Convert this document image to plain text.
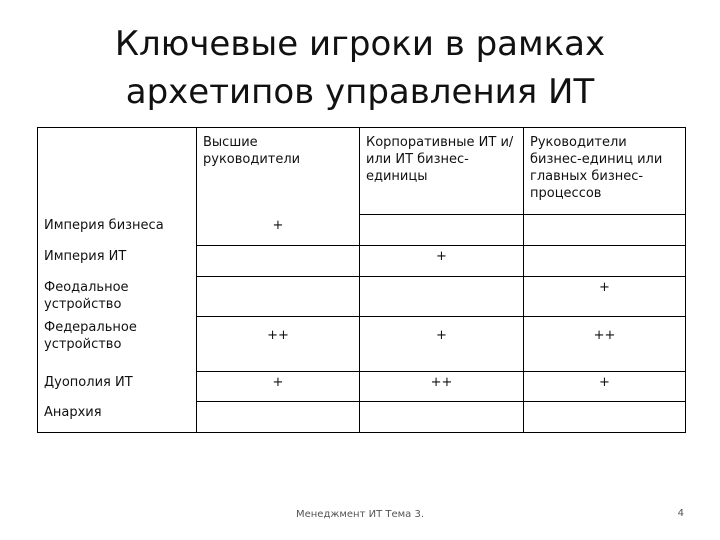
Ключевые игроки в рамках
архетипов управления ИТ
	Высшие руководители	Корпоративные ИТ и/или ИТ бизнес-единицы	Руководители бизнес-единиц или главных бизнес-процессов
Империя бизнеса	+		
Империя ИТ		+	
Феодальное устройство			+
Федеральное устройство	++	+	++
Дуополия ИТ	+	++	+
Анархия			
Менеджмент ИТ Тема 3.	4
